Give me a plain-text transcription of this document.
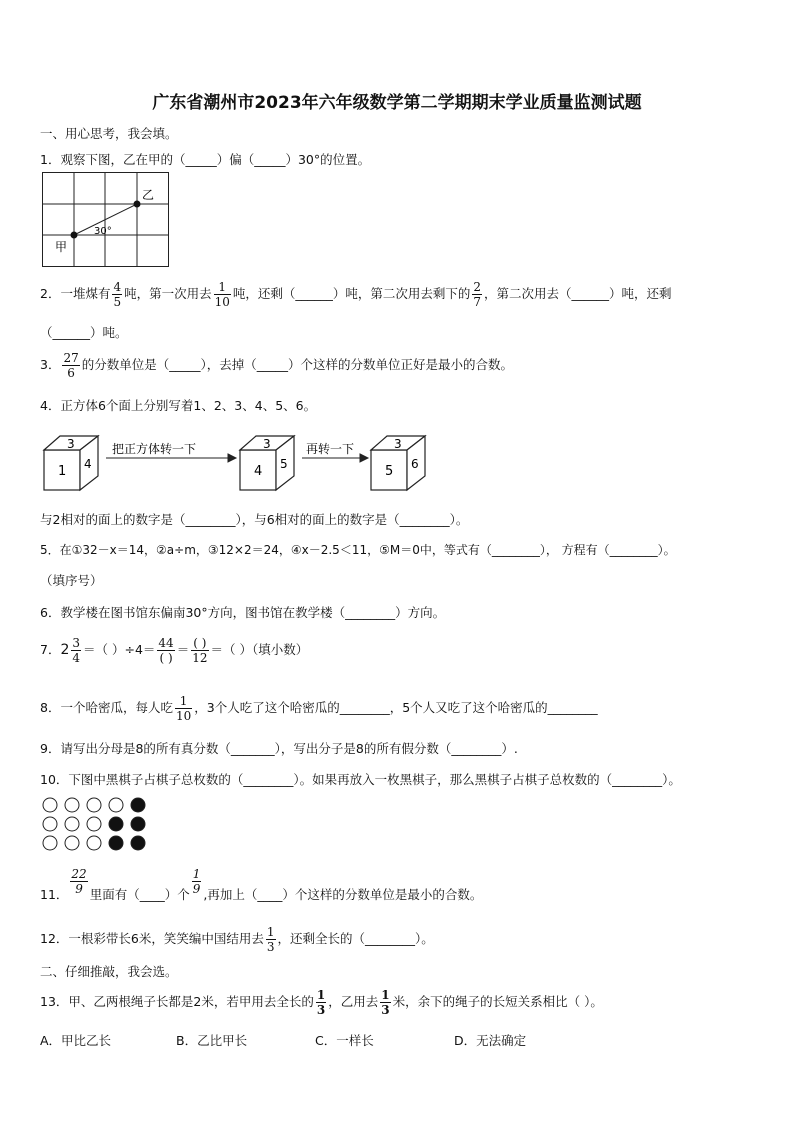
广东省潮州市2023年六年级数学第二学期期末学业质量监测试题
一、用心思考，我会填。
1．观察下图，乙在甲的（_____）偏（_____）30°的位置。
甲
乙
30°
2．一堆煤有 $\frac{4}{5}$ 吨，第一次用去 $\frac{1}{10}$ 吨，还剩（______）吨，第二次用去剩下的 $\frac{2}{7}$ ，第二次用去（______）吨，还剩
（______）吨。
3． $\frac{27}{6}$ 的分数单位是（_____），去掉（_____）个这样的分数单位正好是最小的合数。
4．正方体6个面上分别写着1、2、3、4、5、6。
3
1 4
3
4 5
3
5 6
把正方体转一下	再转一下
与2相对的面上的数字是（________），与6相对的面上的数字是（________）。
5．在①32－x＝14，②a÷m，③12×2＝24，④x－2.5＜11，⑤M＝0中，等式有（________）， 方程有（________）。
（填序号）
6．教学楼在图书馆东偏南30°方向，图书馆在教学楼（________）方向。
7．$2 \frac{3}{4}$ ＝（ ）$\div 4= \frac{44}{( )} = \frac{( )}{12}$ ＝（ ）（填小数）
8．一个哈密瓜，每人吃 $\frac{1}{10}$ ，3个人吃了这个哈密瓜的________，5个人又吃了这个哈密瓜的________
9．请写出分母是8的所有真分数（_______），写出分子是8的所有假分数（________）.
10．下图中黑棋子占棋子总枚数的（________）。如果再放入一枚黑棋子，那么黑棋子占棋子总枚数的（________）。
11． $\frac{22}{9}$ 里面有（____）个 $\frac{1}{9}$ ,再加上（____）个这样的分数单位是最小的合数。
12．一根彩带长6米，笑笑编中国结用去 $\frac{1}{3}$ ，还剩全长的（________）。
二、仔细推敲，我会选。
13．甲、乙两根绳子长都是2米，若甲用去全长的 $\frac{1}{3}$ ，乙用去 $\frac{1}{3}$ 米，余下的绳子的长短关系相比（ ）。
A．甲比乙长	B．乙比甲长	C．一样长	D．无法确定
